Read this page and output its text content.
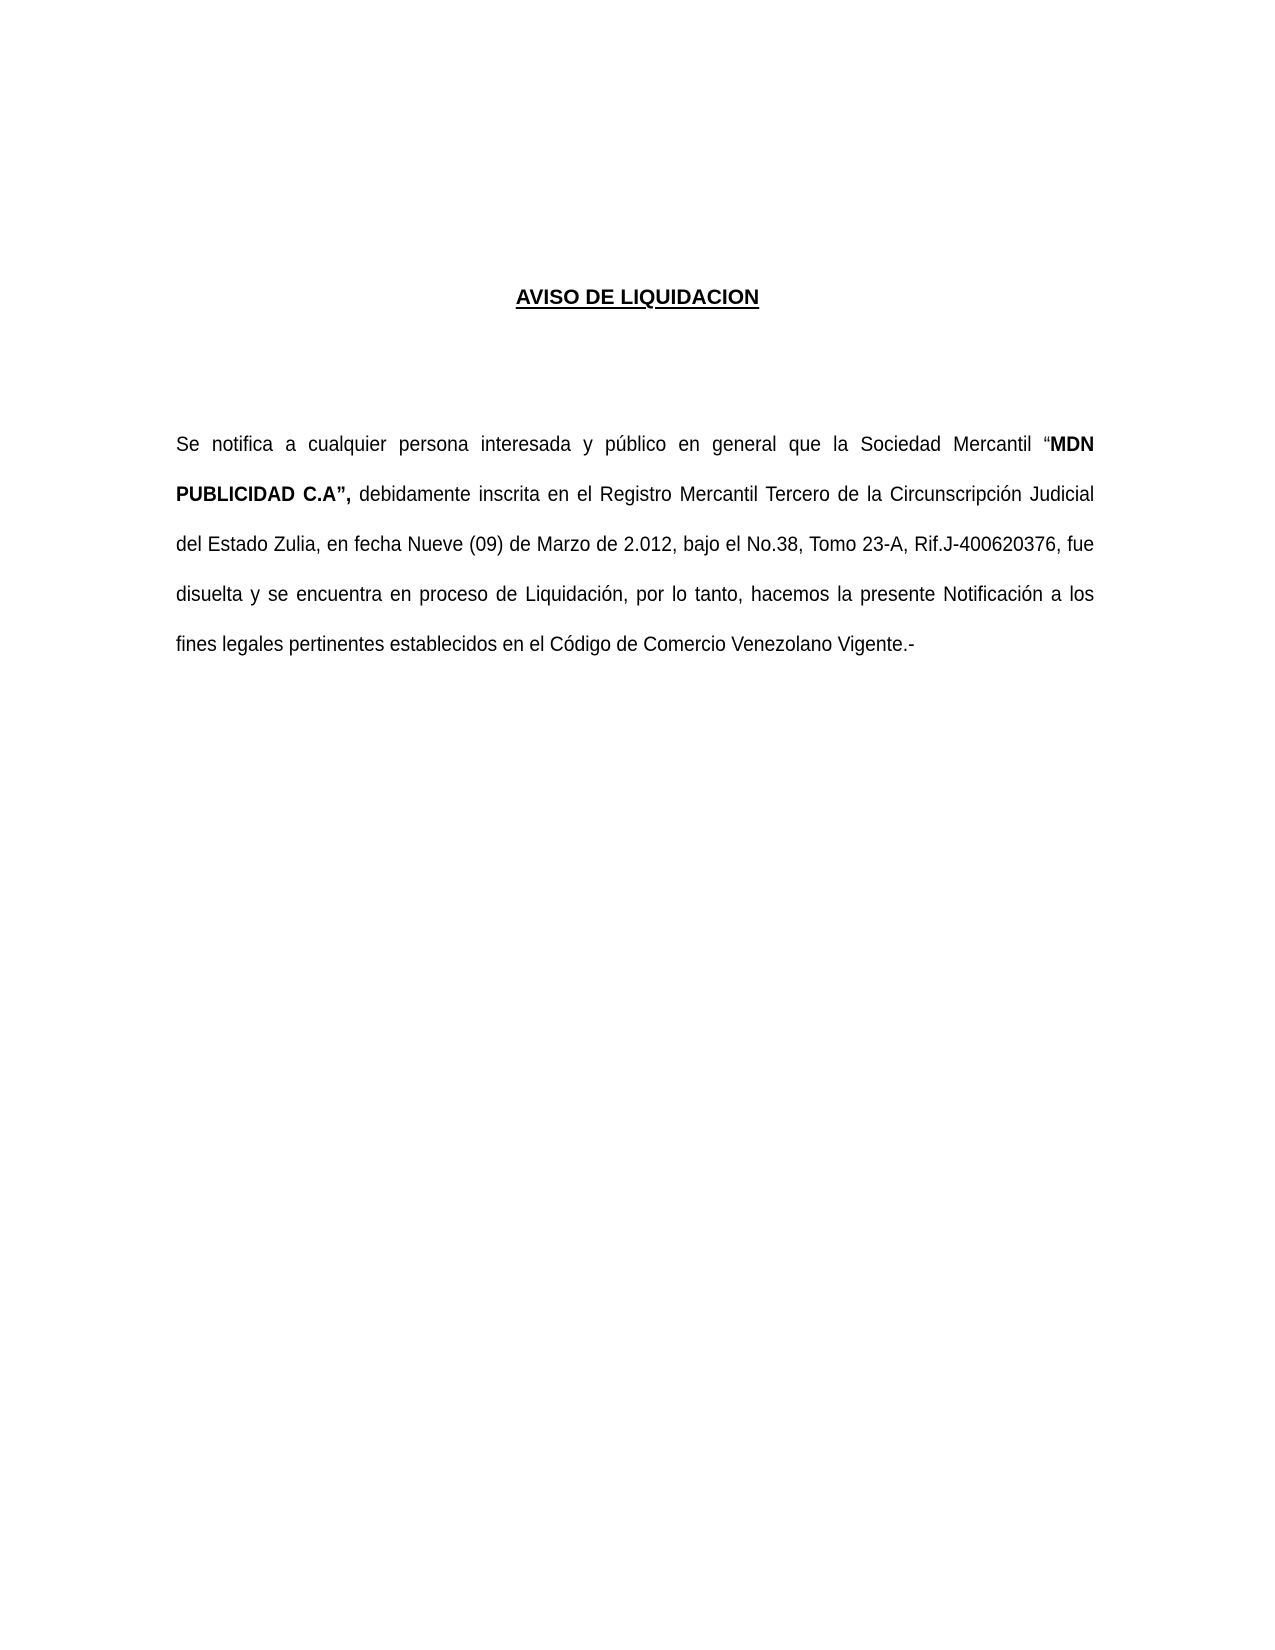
AVISO DE LIQUIDACION

Se notifica a cualquier persona interesada y público en general que la Sociedad Mercantil “MDN PUBLICIDAD C.A”, debidamente inscrita en el Registro Mercantil Tercero de la Circunscripción Judicial del Estado Zulia, en fecha Nueve (09) de Marzo de 2.012, bajo el No.38, Tomo 23-A, Rif.J-400620376, fue disuelta y se encuentra en proceso de Liquidación, por lo tanto, hacemos la presente Notificación a los fines legales pertinentes establecidos en el Código de Comercio Venezolano Vigente.-
